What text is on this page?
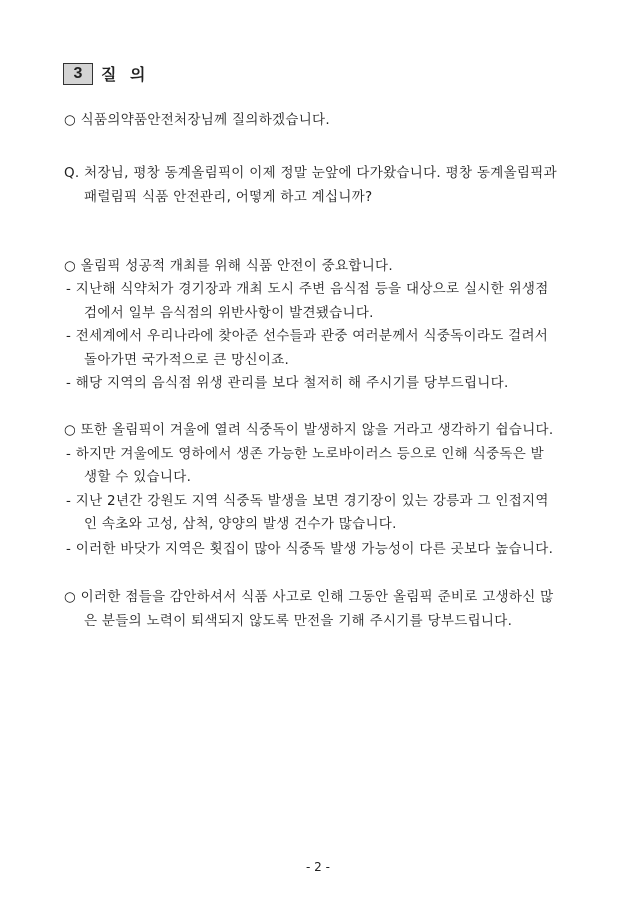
3	질 의
○ 식품의약품안전처장님께 질의하겠습니다.
Q. 처장님, 평창 동계올림픽이 이제 정말 눈앞에 다가왔습니다. 평창 동계올림픽과
패럴림픽 식품 안전관리, 어떻게 하고 계십니까?
○ 올림픽 성공적 개최를 위해 식품 안전이 중요합니다.
- 지난해 식약처가 경기장과 개최 도시 주변 음식점 등을 대상으로 실시한 위생점
검에서 일부 음식점의 위반사항이 발견됐습니다.
- 전세계에서 우리나라에 찾아준 선수들과 관중 여러분께서 식중독이라도 걸려서
돌아가면 국가적으로 큰 망신이죠.
- 해당 지역의 음식점 위생 관리를 보다 철저히 해 주시기를 당부드립니다.
○ 또한 올림픽이 겨울에 열려 식중독이 발생하지 않을 거라고 생각하기 쉽습니다.
- 하지만 겨울에도 영하에서 생존 가능한 노로바이러스 등으로 인해 식중독은 발
생할 수 있습니다.
- 지난 2년간 강원도 지역 식중독 발생을 보면 경기장이 있는 강릉과 그 인접지역
인 속초와 고성, 삼척, 양양의 발생 건수가 많습니다.
- 이러한 바닷가 지역은 횟집이 많아 식중독 발생 가능성이 다른 곳보다 높습니다.
○ 이러한 점들을 감안하셔서 식품 사고로 인해 그동안 올림픽 준비로 고생하신 많
은 분들의 노력이 퇴색되지 않도록 만전을 기해 주시기를 당부드립니다.
- 2 -
